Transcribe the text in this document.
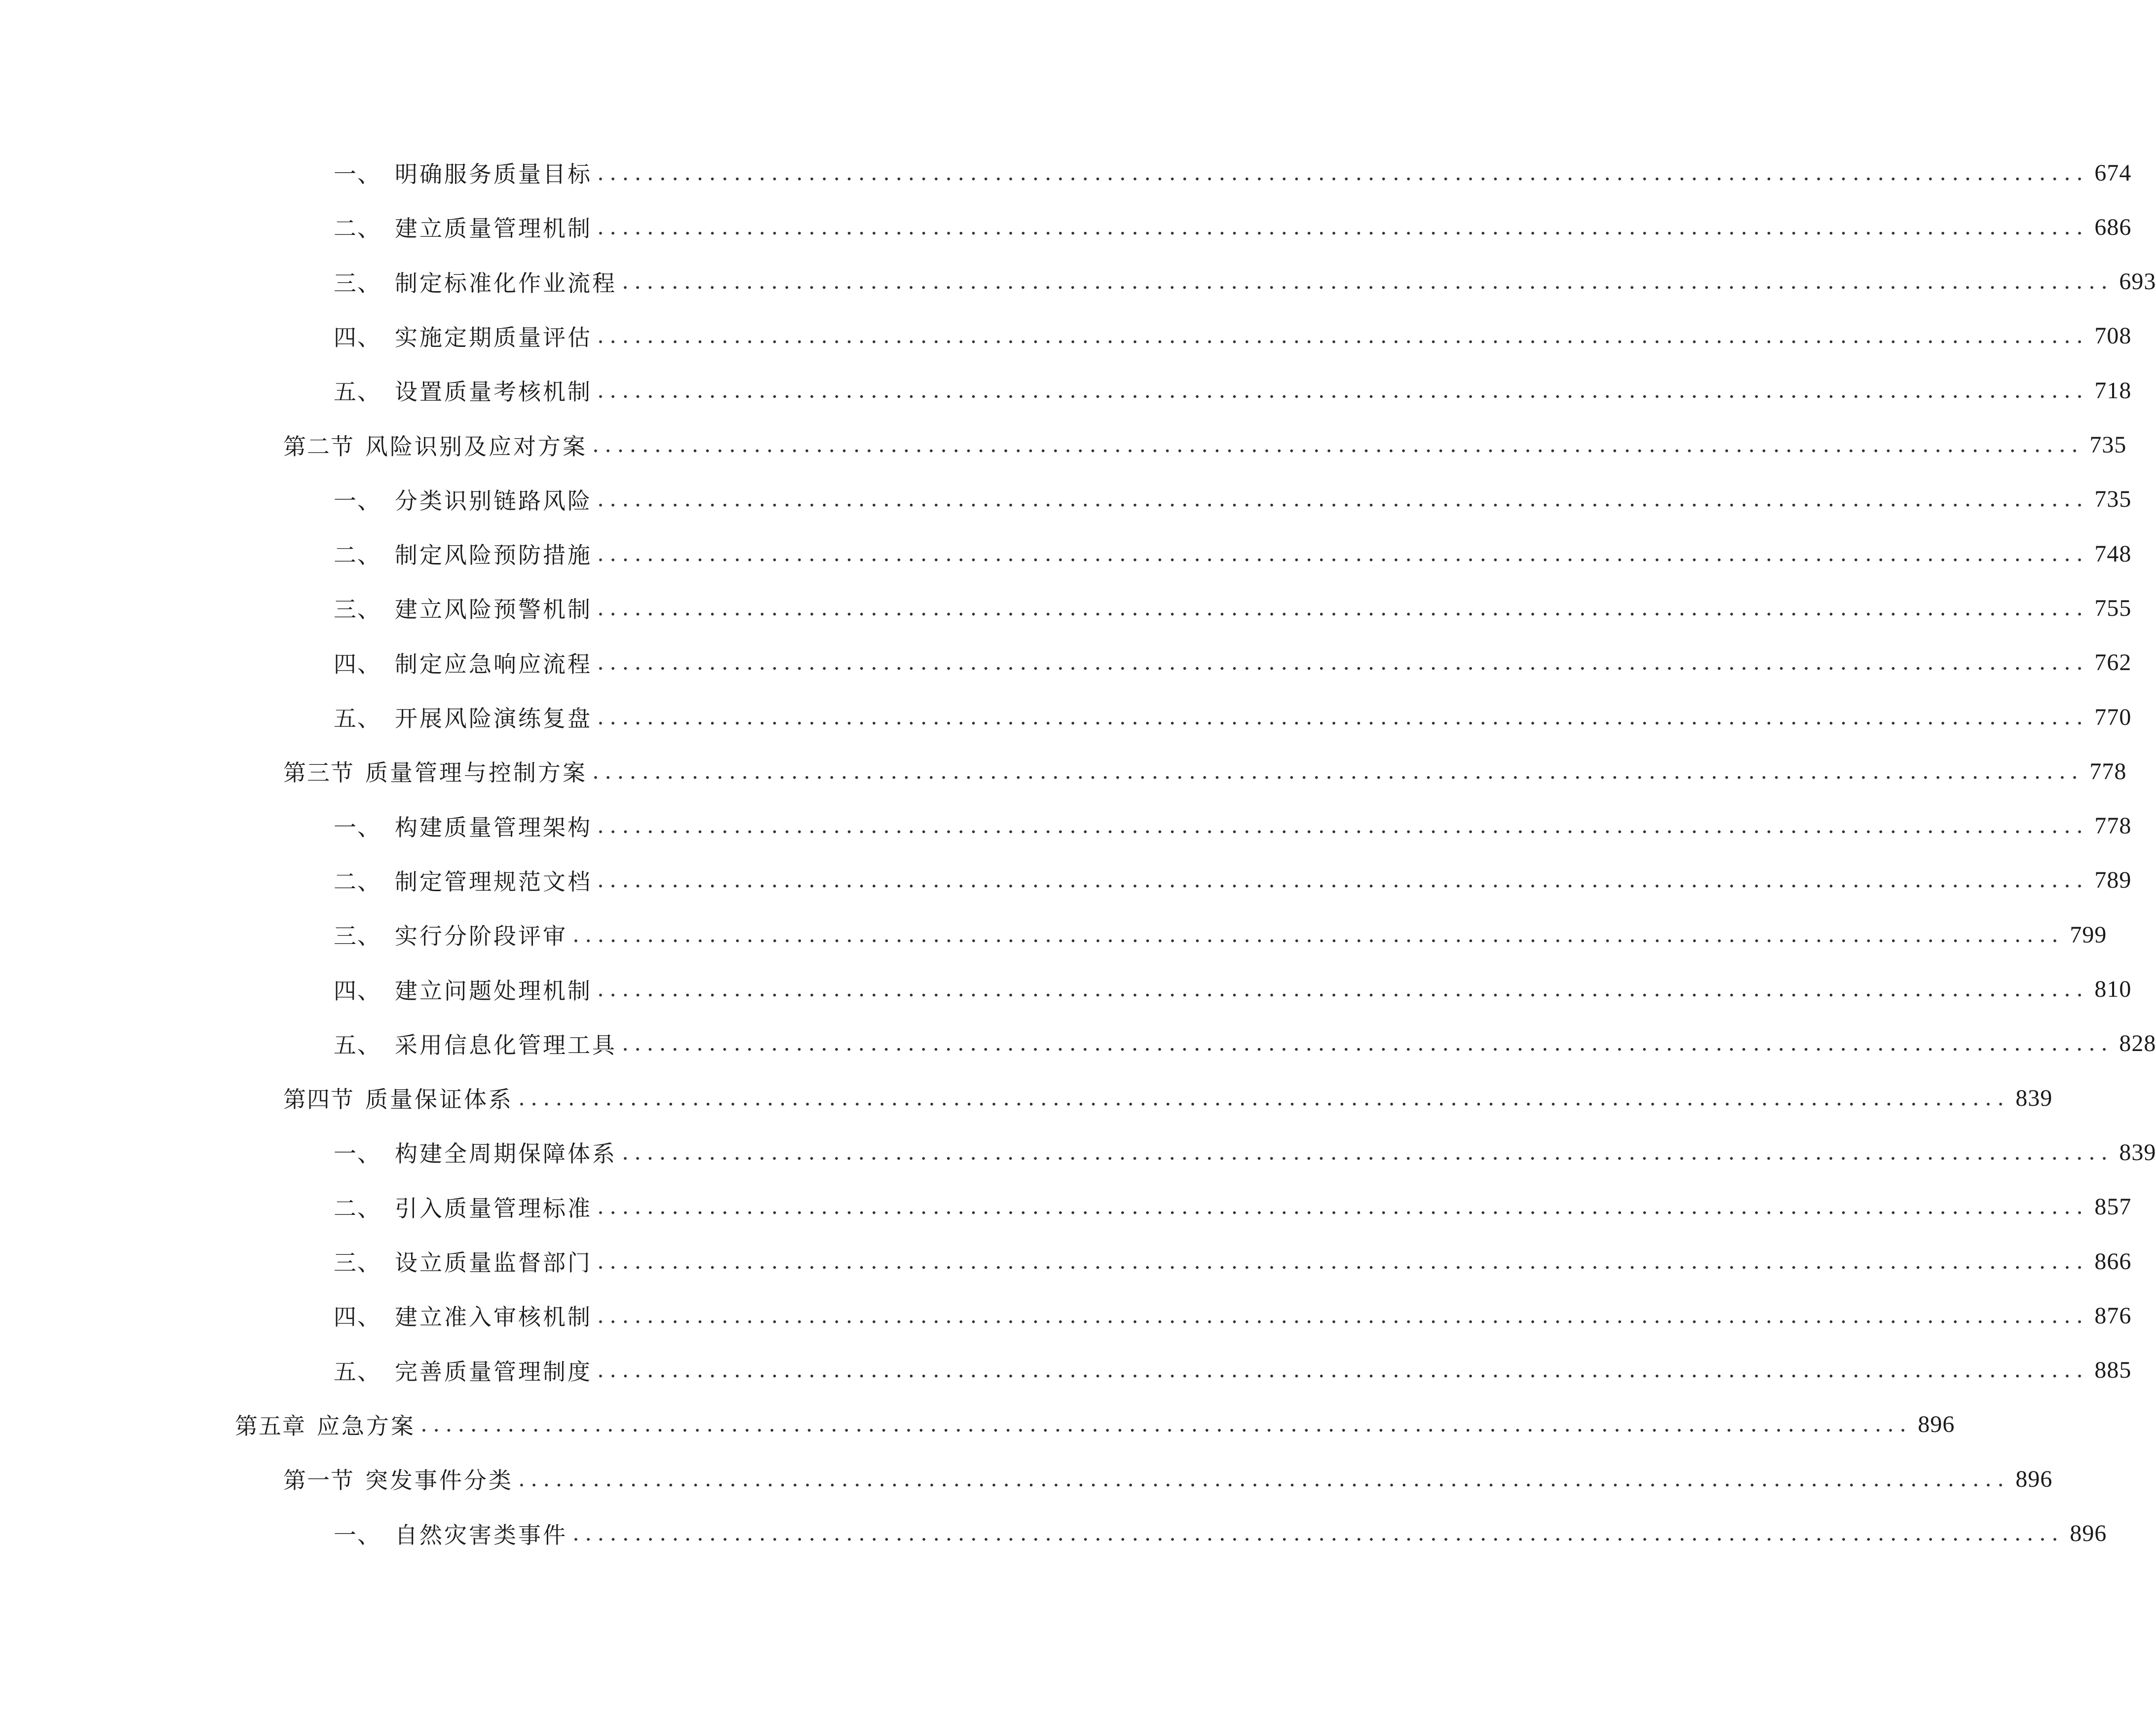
一、 明确服务质量目标 ........................................................................................................................ 674
二、 建立质量管理机制 ........................................................................................................................ 686
三、 制定标准化作业流程 ........................................................................................................................ 693
四、 实施定期质量评估 ........................................................................................................................ 708
五、 设置质量考核机制 ........................................................................................................................ 718
第二节 风险识别及应对方案 ........................................................................................................................ 735
一、 分类识别链路风险 ........................................................................................................................ 735
二、 制定风险预防措施 ........................................................................................................................ 748
三、 建立风险预警机制 ........................................................................................................................ 755
四、 制定应急响应流程 ........................................................................................................................ 762
五、 开展风险演练复盘 ........................................................................................................................ 770
第三节 质量管理与控制方案 ........................................................................................................................ 778
一、 构建质量管理架构 ........................................................................................................................ 778
二、 制定管理规范文档 ........................................................................................................................ 789
三、 实行分阶段评审 ........................................................................................................................ 799
四、 建立问题处理机制 ........................................................................................................................ 810
五、 采用信息化管理工具 ........................................................................................................................ 828
第四节 质量保证体系 ........................................................................................................................ 839
一、 构建全周期保障体系 ........................................................................................................................ 839
二、 引入质量管理标准 ........................................................................................................................ 857
三、 设立质量监督部门 ........................................................................................................................ 866
四、 建立准入审核机制 ........................................................................................................................ 876
五、 完善质量管理制度 ........................................................................................................................ 885
第五章 应急方案 ........................................................................................................................ 896
第一节 突发事件分类 ........................................................................................................................ 896
一、 自然灾害类事件 ........................................................................................................................ 896
